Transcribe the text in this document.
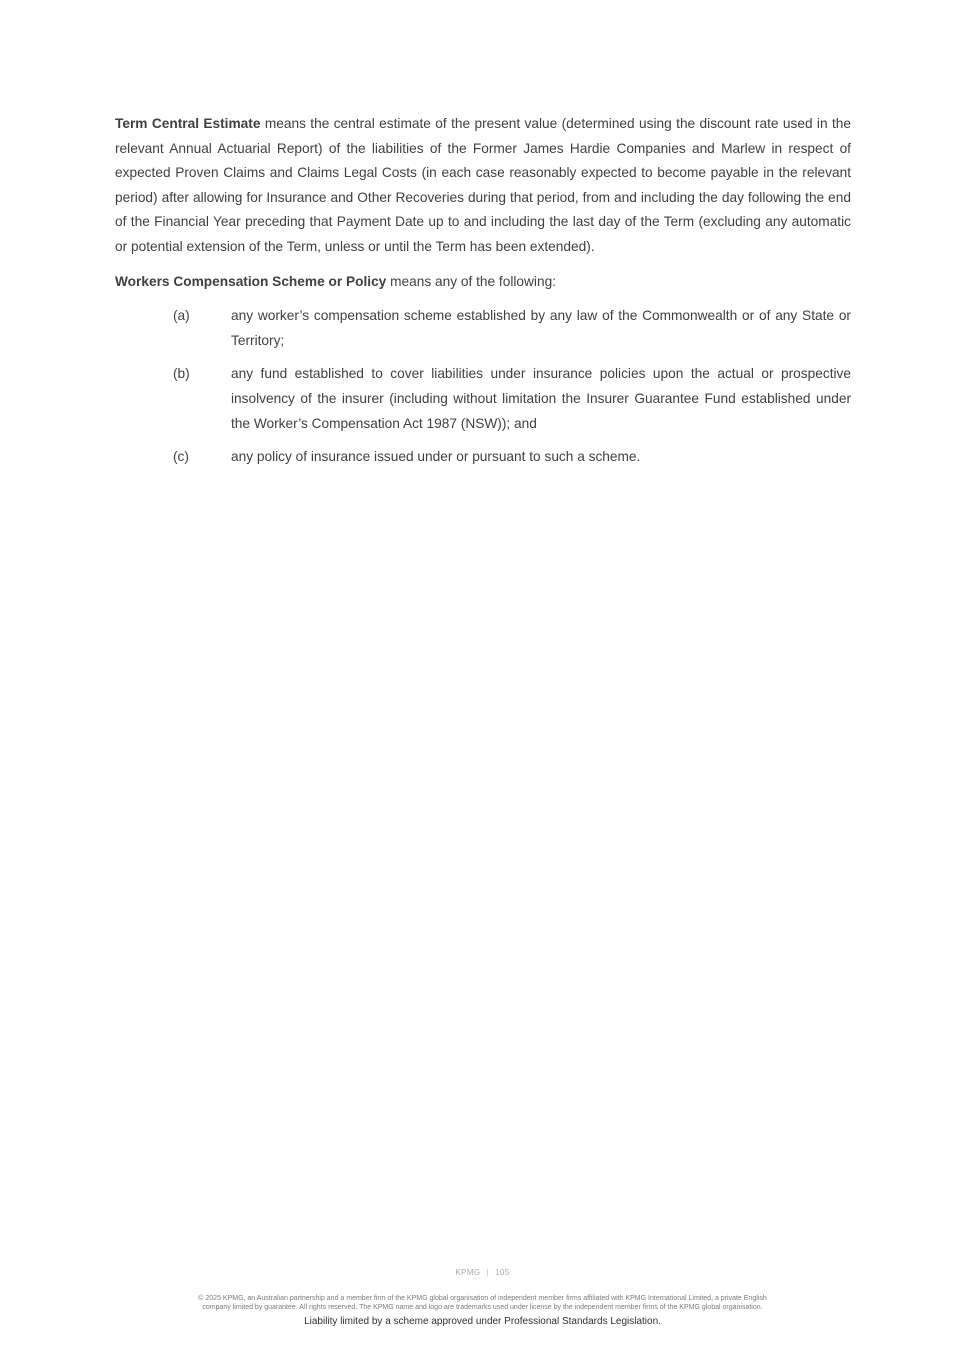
Term Central Estimate means the central estimate of the present value (determined using the discount rate used in the relevant Annual Actuarial Report) of the liabilities of the Former James Hardie Companies and Marlew in respect of expected Proven Claims and Claims Legal Costs (in each case reasonably expected to become payable in the relevant period) after allowing for Insurance and Other Recoveries during that period, from and including the day following the end of the Financial Year preceding that Payment Date up to and including the last day of the Term (excluding any automatic or potential extension of the Term, unless or until the Term has been extended).

Workers Compensation Scheme or Policy means any of the following:

(a)	any worker’s compensation scheme established by any law of the Commonwealth or of any State or Territory;
(b)	any fund established to cover liabilities under insurance policies upon the actual or prospective insolvency of the insurer (including without limitation the Insurer Guarantee Fund established under the Worker’s Compensation Act 1987 (NSW)); and
(c)	any policy of insurance issued under or pursuant to such a scheme.
KPMG | 105
© 2025 KPMG, an Australian partnership and a member firm of the KPMG global organisation of independent member firms affiliated with KPMG International Limited, a private English
company limited by guarantee. All rights reserved. The KPMG name and logo are trademarks used under license by the independent member firms of the KPMG global organisation.
Liability limited by a scheme approved under Professional Standards Legislation.
